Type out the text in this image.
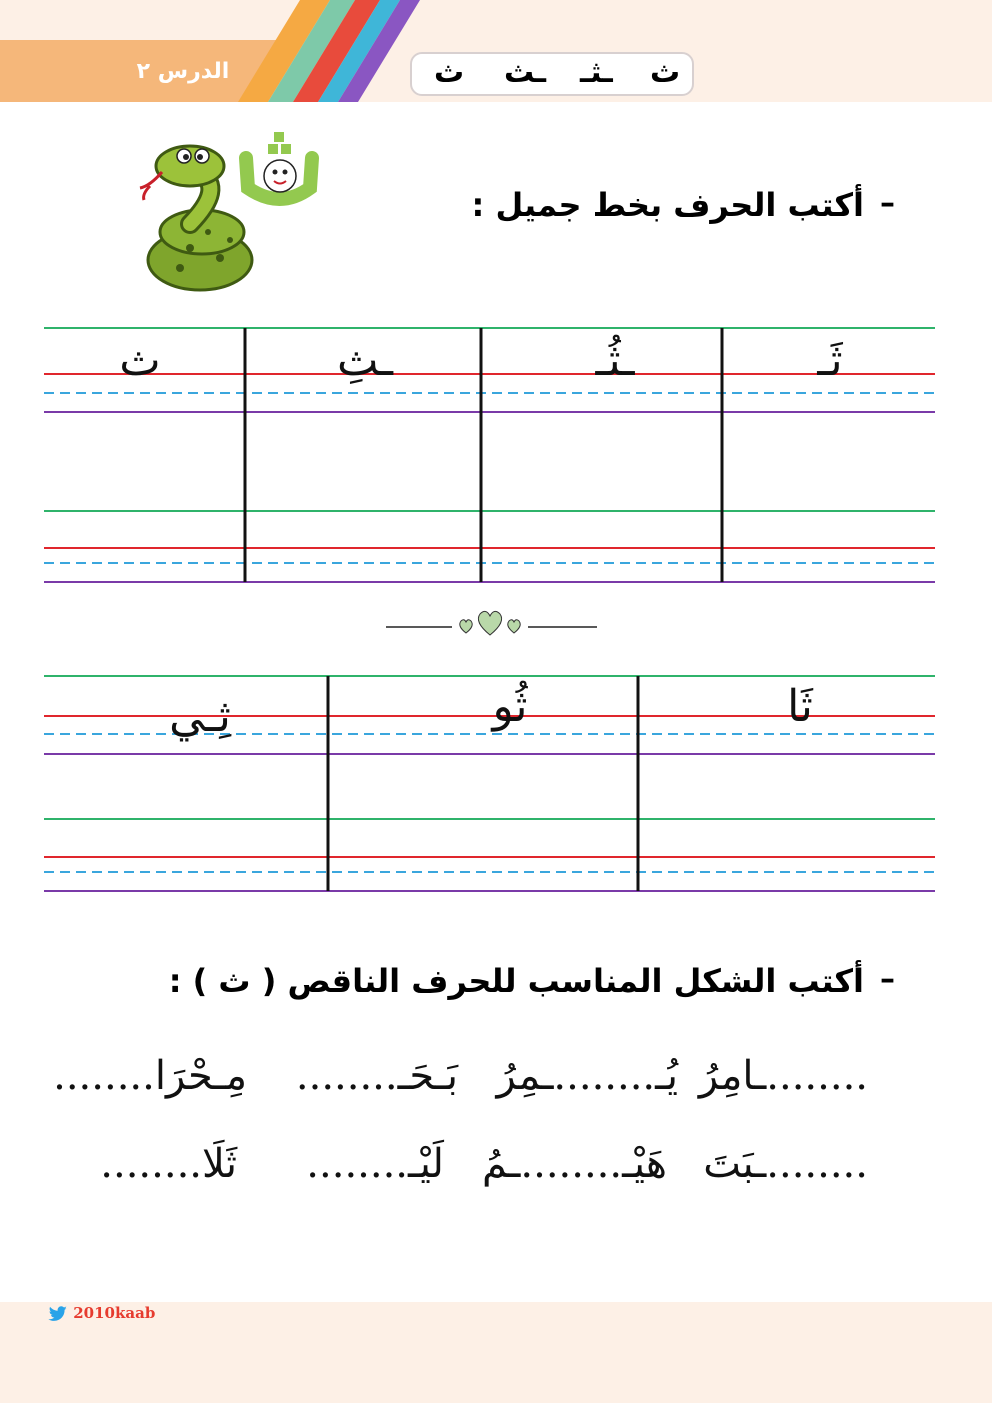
الدرس ٢	ث
ـثـ
ـث
ث
–
أكتب الحرف بخط جميل :
ثَـ
ـثُـ
ـثِ
ث
ثَا
ثُو
ثِـي
–
أكتب الشكل المناسب للحرف الناقص ( ث ) :
........ـامِرُ
يُـ........ـمِرُ
بَـحَـ........
مِـحْرَا........
........ـبَتَ
هَيْـ........ـمُ
لَيْـ........
ثَلَا........
2010kaab
